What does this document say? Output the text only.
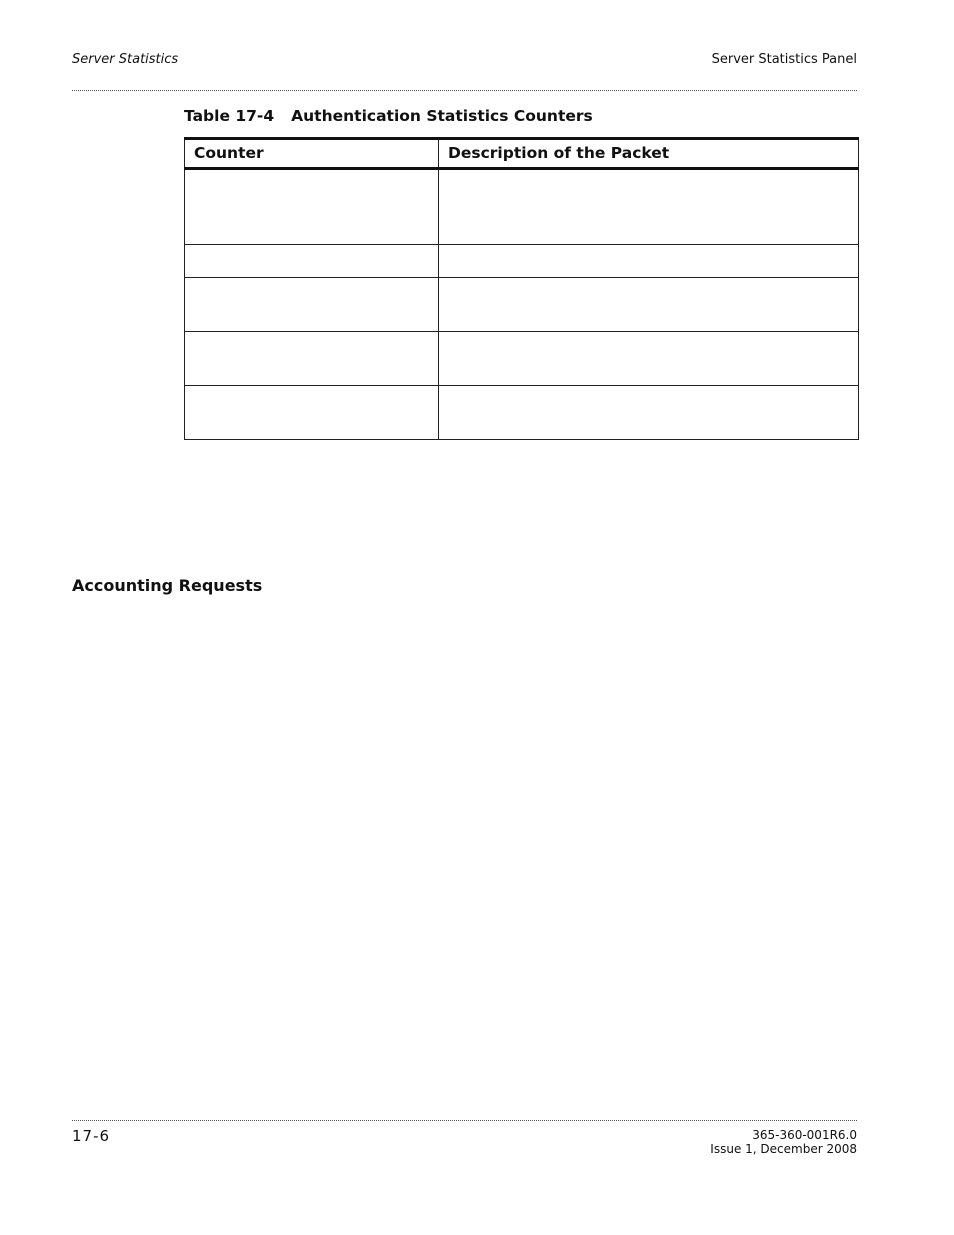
Server Statistics	Server Statistics Panel
Table 17-4 Authentication Statistics Counters
Counter	Description of the Packet

Accounting Requests
17-6	365-360-001R6.0
Issue 1, December 2008
